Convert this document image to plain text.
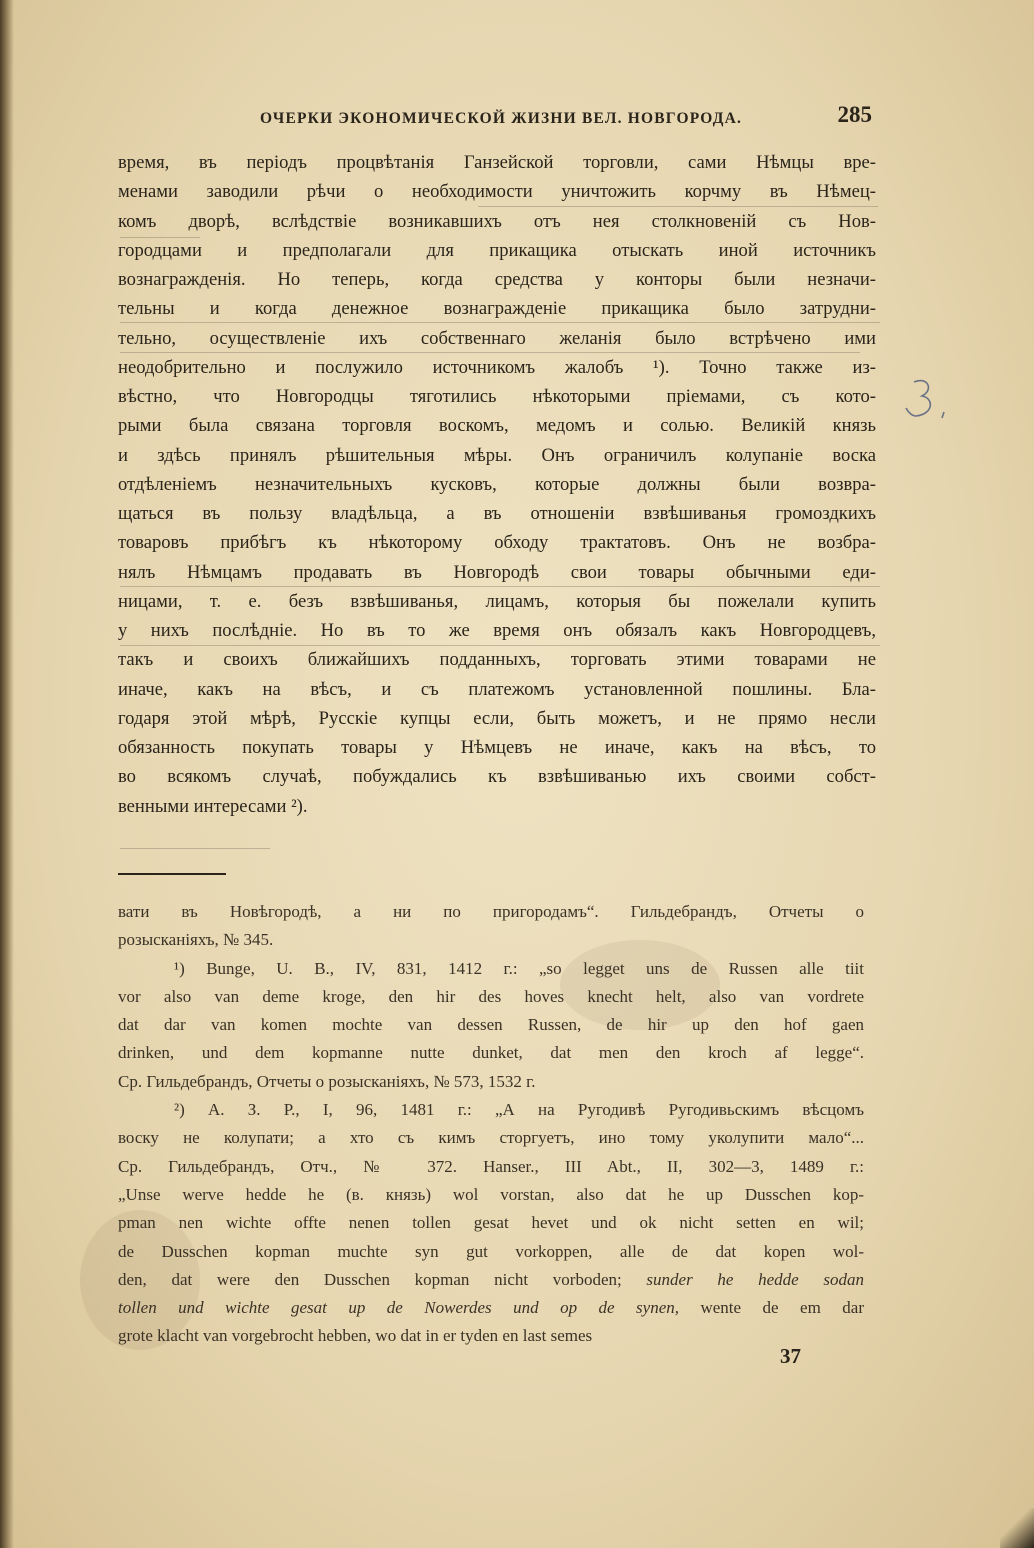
ОЧЕРКИ ЭКОНОМИЧЕСКОЙ ЖИЗНИ ВЕЛ. НОВГОРОДА.	285

время, въ періодъ процвѣтанія Ганзейской торговли, сами Нѣмцы вре-
менами заводили рѣчи о необходимости уничтожить корчму въ Нѣмец-
комъ дворѣ, вслѣдствіе возникавшихъ отъ нея столкновеній съ Нов-
городцами и предполагали для прикащика отыскать иной источникъ
вознагражденія. Но теперь, когда средства у конторы были незначи-
тельны и когда денежное вознагражденіе прикащика было затрудни-
тельно, осуществленіе ихъ собственнаго желанія было встрѣчено ими
неодобрительно и послужило источникомъ жалобъ ¹). Точно также из-
вѣстно, что Новгородцы тяготились нѣкоторыми пріемами, съ кото-
рыми была связана торговля воскомъ, медомъ и солью. Великій князь
и здѣсь принялъ рѣшительныя мѣры. Онъ ограничилъ колупаніе воска
отдѣленіемъ незначительныхъ кусковъ, которые должны были возвра-
щаться въ пользу владѣльца, а въ отношеніи взвѣшиванья громоздкихъ
товаровъ прибѣгъ къ нѣкоторому обходу трактатовъ. Онъ не возбра-
нялъ Нѣмцамъ продавать въ Новгородѣ свои товары обычными еди-
ницами, т. е. безъ взвѣшиванья, лицамъ, которыя бы пожелали купить
у нихъ послѣдніе. Но въ то же время онъ обязалъ какъ Новгородцевъ,
такъ и своихъ ближайшихъ подданныхъ, торговать этими товарами не
иначе, какъ на вѣсъ, и съ платежомъ установленной пошлины. Бла-
годаря этой мѣрѣ, Русскіе купцы если, быть можетъ, и не прямо несли
обязанность покупать товары у Нѣмцевъ не иначе, какъ на вѣсъ, то
во всякомъ случаѣ, побуждались къ взвѣшиванью ихъ своими собст-
венными интересами ²).

вати въ Новѣгородѣ, а ни по пригородамъ“. Гильдебрандъ, Отчеты о
розысканіяхъ, № 345.
¹) Bunge, U. B., IV, 831, 1412 г.: „so legget uns de Russen alle tiit
vor also van deme kroge, den hir des hoves knecht helt, also van vordrete
dat dar van komen mochte van dessen Russen, de hir up den hof gaen
drinken, und dem kopmanne nutte dunket, dat men den kroch af legge“.
Ср. Гильдебрандъ, Отчеты о розысканіяхъ, № 573, 1532 г.
²) А. З. Р., I, 96, 1481 г.: „А на Ругодивѣ Ругодивьскимъ вѣсцомъ
воску не колупати; а хто съ кимъ сторгуетъ, ино тому уколупити мало“...
Ср. Гильдебрандъ, Отч., № 372. Hanser., III Abt., II, 302—3, 1489 г.:
„Unse werve hedde he (в. князь) wol vorstan, also dat he up Dusschen kop-
pman nen wichte offte nenen tollen gesat hevet und ok nicht setten en wil;
de Dusschen kopman muchte syn gut vorkoppen, alle de dat kopen wol-
den, dat were den Dusschen kopman nicht vorboden; sunder he hedde sodan
tollen und wichte gesat up de Nowerdes und op de synen, wente de em dar
grote klacht van vorgebrocht hebben, wo dat in er tyden en last semes
37
